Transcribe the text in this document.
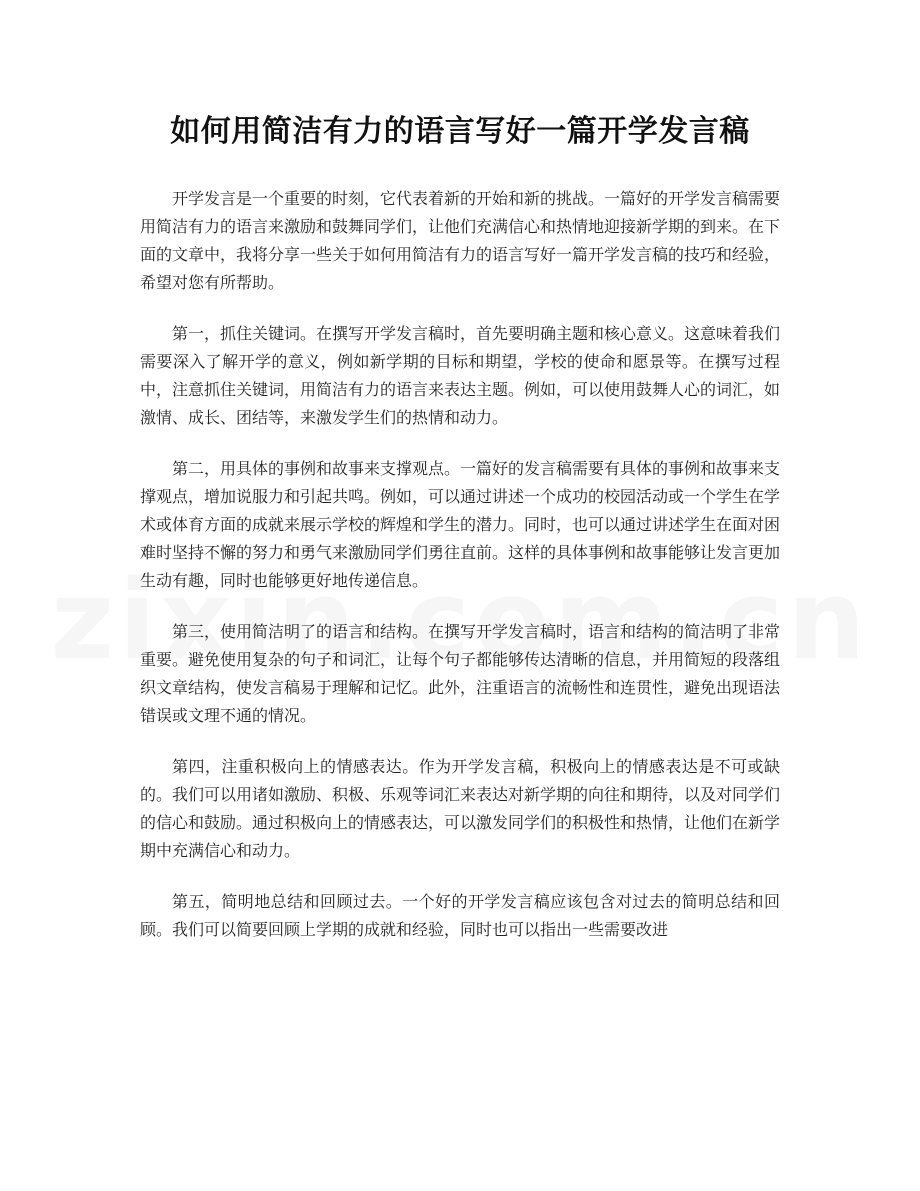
如何用简洁有力的语言写好一篇开学发言稿

开学发言是一个重要的时刻，它代表着新的开始和新的挑战。一篇好的开学发言稿需要用简洁有力的语言来激励和鼓舞同学们，让他们充满信心和热情地迎接新学期的到来。在下面的文章中，我将分享一些关于如何用简洁有力的语言写好一篇开学发言稿的技巧和经验，希望对您有所帮助。

第一，抓住关键词。在撰写开学发言稿时，首先要明确主题和核心意义。这意味着我们需要深入了解开学的意义，例如新学期的目标和期望，学校的使命和愿景等。在撰写过程中，注意抓住关键词，用简洁有力的语言来表达主题。例如，可以使用鼓舞人心的词汇，如激情、成长、团结等，来激发学生们的热情和动力。

第二，用具体的事例和故事来支撑观点。一篇好的发言稿需要有具体的事例和故事来支撑观点，增加说服力和引起共鸣。例如，可以通过讲述一个成功的校园活动或一个学生在学术或体育方面的成就来展示学校的辉煌和学生的潜力。同时，也可以通过讲述学生在面对困难时坚持不懈的努力和勇气来激励同学们勇往直前。这样的具体事例和故事能够让发言更加生动有趣，同时也能够更好地传递信息。

第三，使用简洁明了的语言和结构。在撰写开学发言稿时，语言和结构的简洁明了非常重要。避免使用复杂的句子和词汇，让每个句子都能够传达清晰的信息，并用简短的段落组织文章结构，使发言稿易于理解和记忆。此外，注重语言的流畅性和连贯性，避免出现语法错误或文理不通的情况。

第四，注重积极向上的情感表达。作为开学发言稿，积极向上的情感表达是不可或缺的。我们可以用诸如激励、积极、乐观等词汇来表达对新学期的向往和期待，以及对同学们的信心和鼓励。通过积极向上的情感表达，可以激发同学们的积极性和热情，让他们在新学期中充满信心和动力。

第五，简明地总结和回顾过去。一个好的开学发言稿应该包含对过去的简明总结和回顾。我们可以简要回顾上学期的成就和经验，同时也可以指出一些需要改进
